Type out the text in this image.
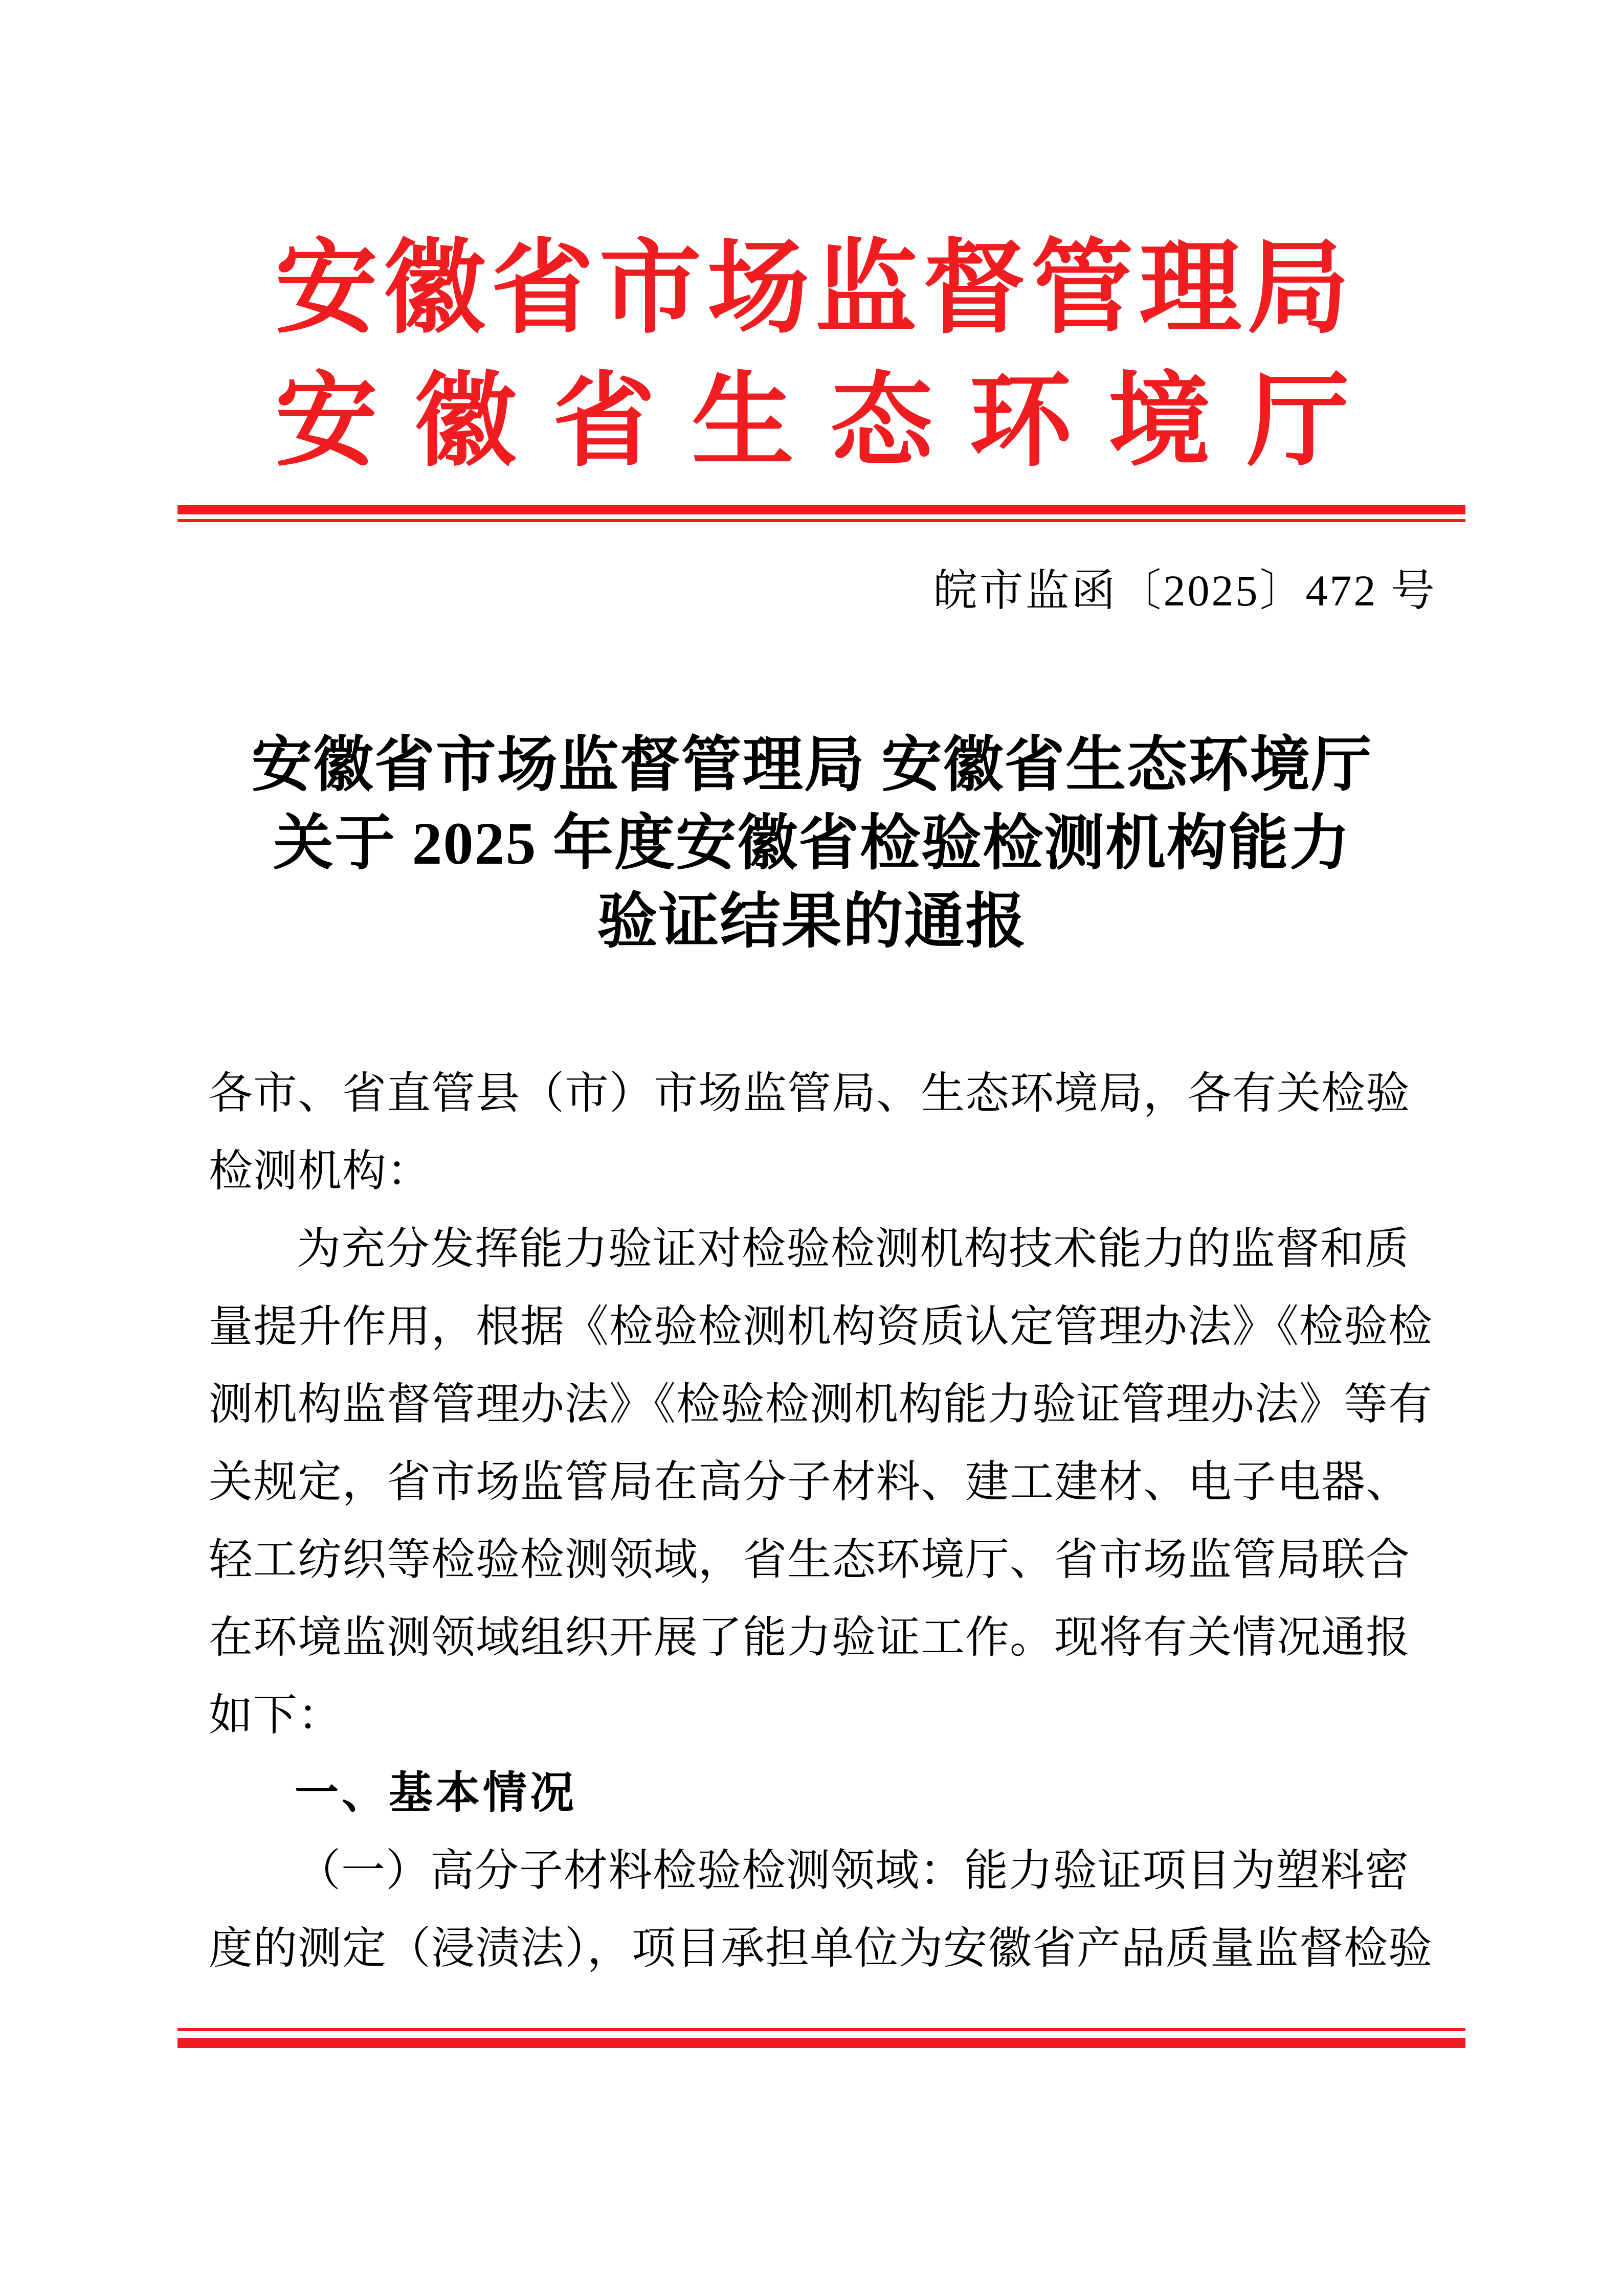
安 徽 省 市 场 监 督 管 理 局
安 徽 省 生 态 环 境 厅
皖市监函〔2025〕472 号
安徽省市场监督管理局 安徽省生态环境厅
关于 2025 年度安徽省检验检测机构能力
验证结果的通报
各市、省直管县（市）市场监管局、生态环境局，各有关检验
检测机构：
为充分发挥能力验证对检验检测机构技术能力的监督和质
量提升作用，根据《检验检测机构资质认定管理办法》《检验检
测机构监督管理办法》《检验检测机构能力验证管理办法》等有
关规定，省市场监管局在高分子材料、建工建材、电子电器、
轻工纺织等检验检测领域，省生态环境厅、省市场监管局联合
在环境监测领域组织开展了能力验证工作。现将有关情况通报
如下：
一、基本情况
（一）高分子材料检验检测领域：能力验证项目为塑料密
度的测定（浸渍法），项目承担单位为安徽省产品质量监督检验
